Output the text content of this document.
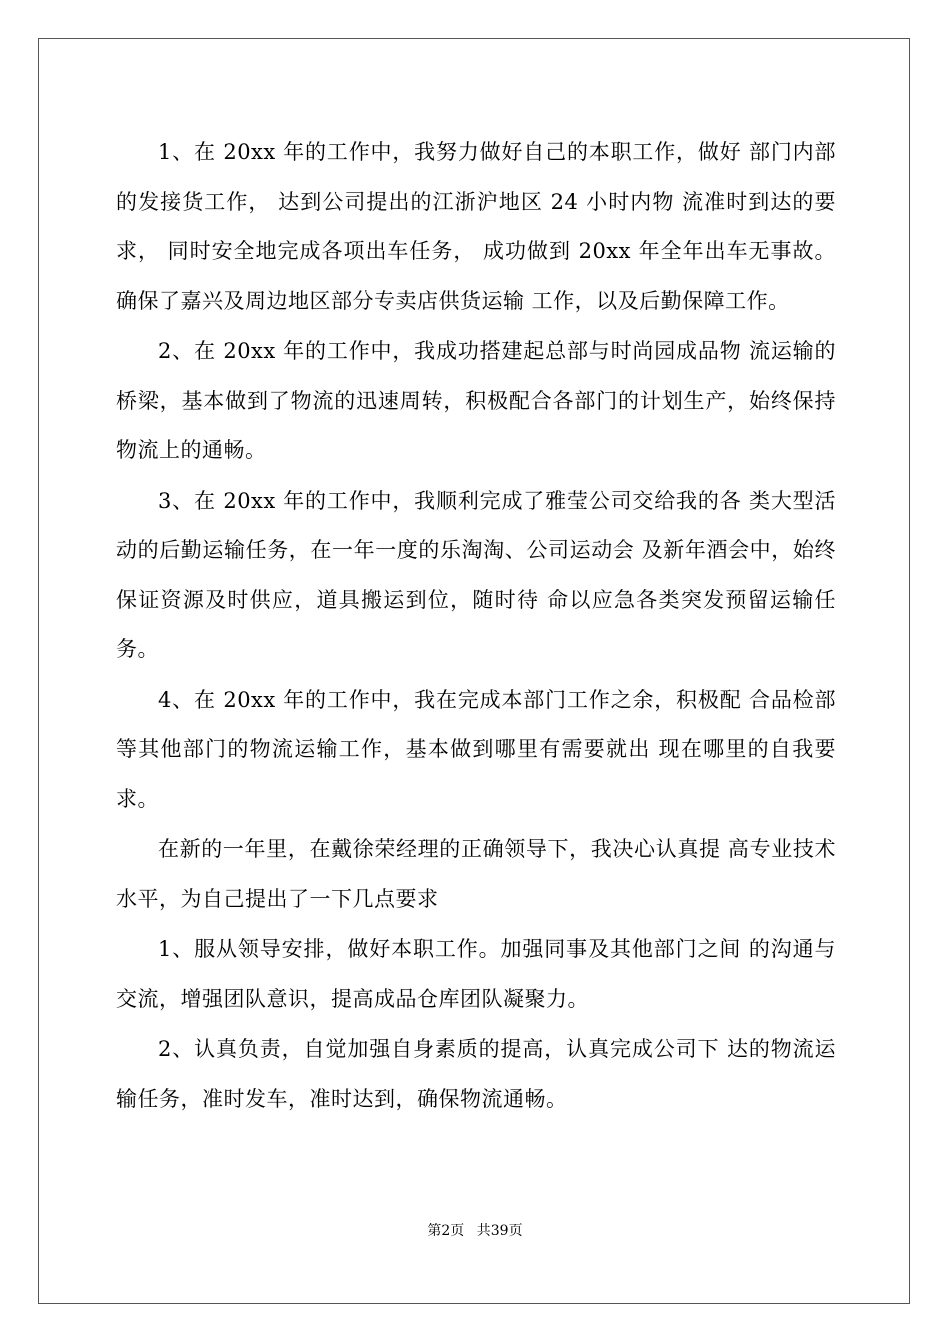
1、在 20xx 年的工作中，我努力做好自己的本职工作，做好 部门内部的发接货工作， 达到公司提出的江浙沪地区 24 小时内物 流准时到达的要求， 同时安全地完成各项出车任务， 成功做到 20xx 年全年出车无事故。确保了嘉兴及周边地区部分专卖店供货运输 工作，以及后勤保障工作。

2、在 20xx 年的工作中，我成功搭建起总部与时尚园成品物 流运输的桥梁，基本做到了物流的迅速周转，积极配合各部门的计划生产，始终保持物流上的通畅。

3、在 20xx 年的工作中，我顺利完成了雅莹公司交给我的各 类大型活动的后勤运输任务，在一年一度的乐淘淘、公司运动会 及新年酒会中，始终保证资源及时供应，道具搬运到位，随时待 命以应急各类突发预留运输任务。

4、在 20xx 年的工作中，我在完成本部门工作之余，积极配 合品检部等其他部门的物流运输工作，基本做到哪里有需要就出 现在哪里的自我要求。

在新的一年里，在戴徐荣经理的正确领导下，我决心认真提 高专业技术水平，为自己提出了一下几点要求

1、服从领导安排，做好本职工作。加强同事及其他部门之间 的沟通与交流，增强团队意识，提高成品仓库团队凝聚力。

2、认真负责，自觉加强自身素质的提高，认真完成公司下 达的物流运输任务，准时发车，准时达到，确保物流通畅。

第2页 共39页
